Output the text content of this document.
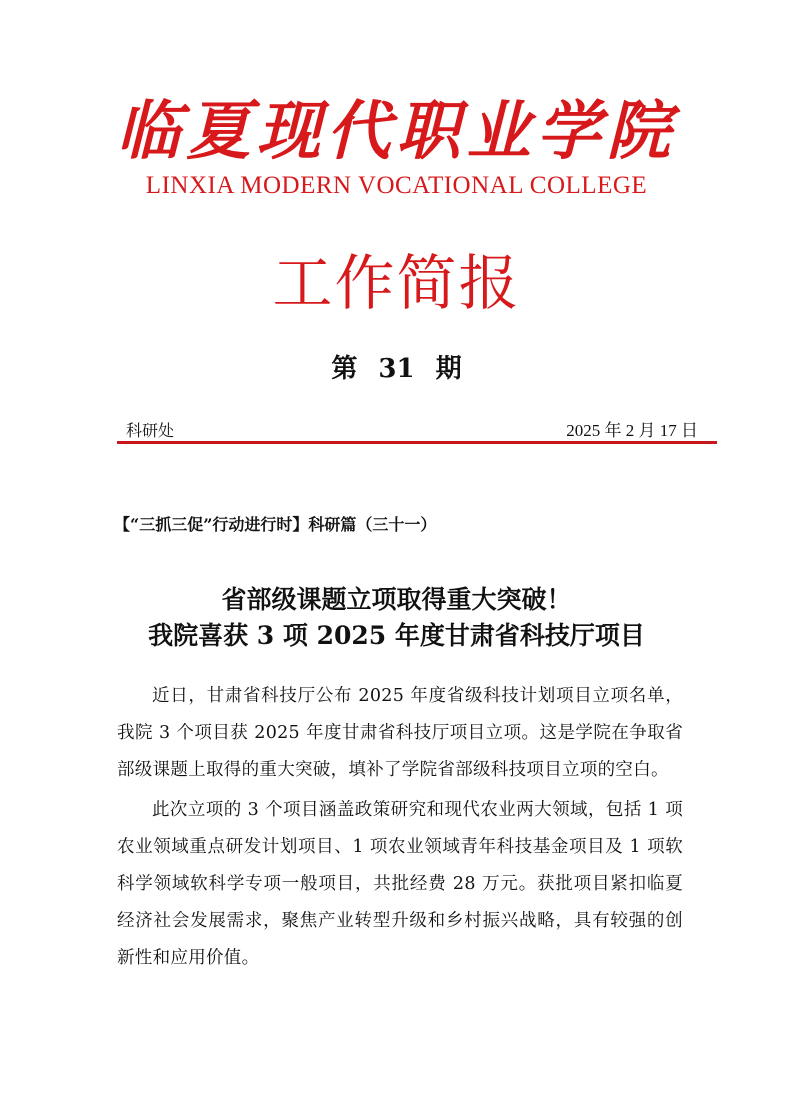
临夏现代职业学院
LINXIA MODERN VOCATIONAL COLLEGE
工作简报
第 31 期
科研处	2025 年 2 月 17 日
【“三抓三促”行动进行时】科研篇（三十一）
省部级课题立项取得重大突破！
我院喜获 3 项 2025 年度甘肃省科技厅项目

近日，甘肃省科技厅公布 2025 年度省级科技计划项目立项名单，我院 3 个项目获 2025 年度甘肃省科技厅项目立项。这是学院在争取省部级课题上取得的重大突破，填补了学院省部级科技项目立项的空白。

此次立项的 3 个项目涵盖政策研究和现代农业两大领域，包括 1 项农业领域重点研发计划项目、1 项农业领域青年科技基金项目及 1 项软科学领域软科学专项一般项目，共批经费 28 万元。获批项目紧扣临夏经济社会发展需求，聚焦产业转型升级和乡村振兴战略，具有较强的创新性和应用价值。
